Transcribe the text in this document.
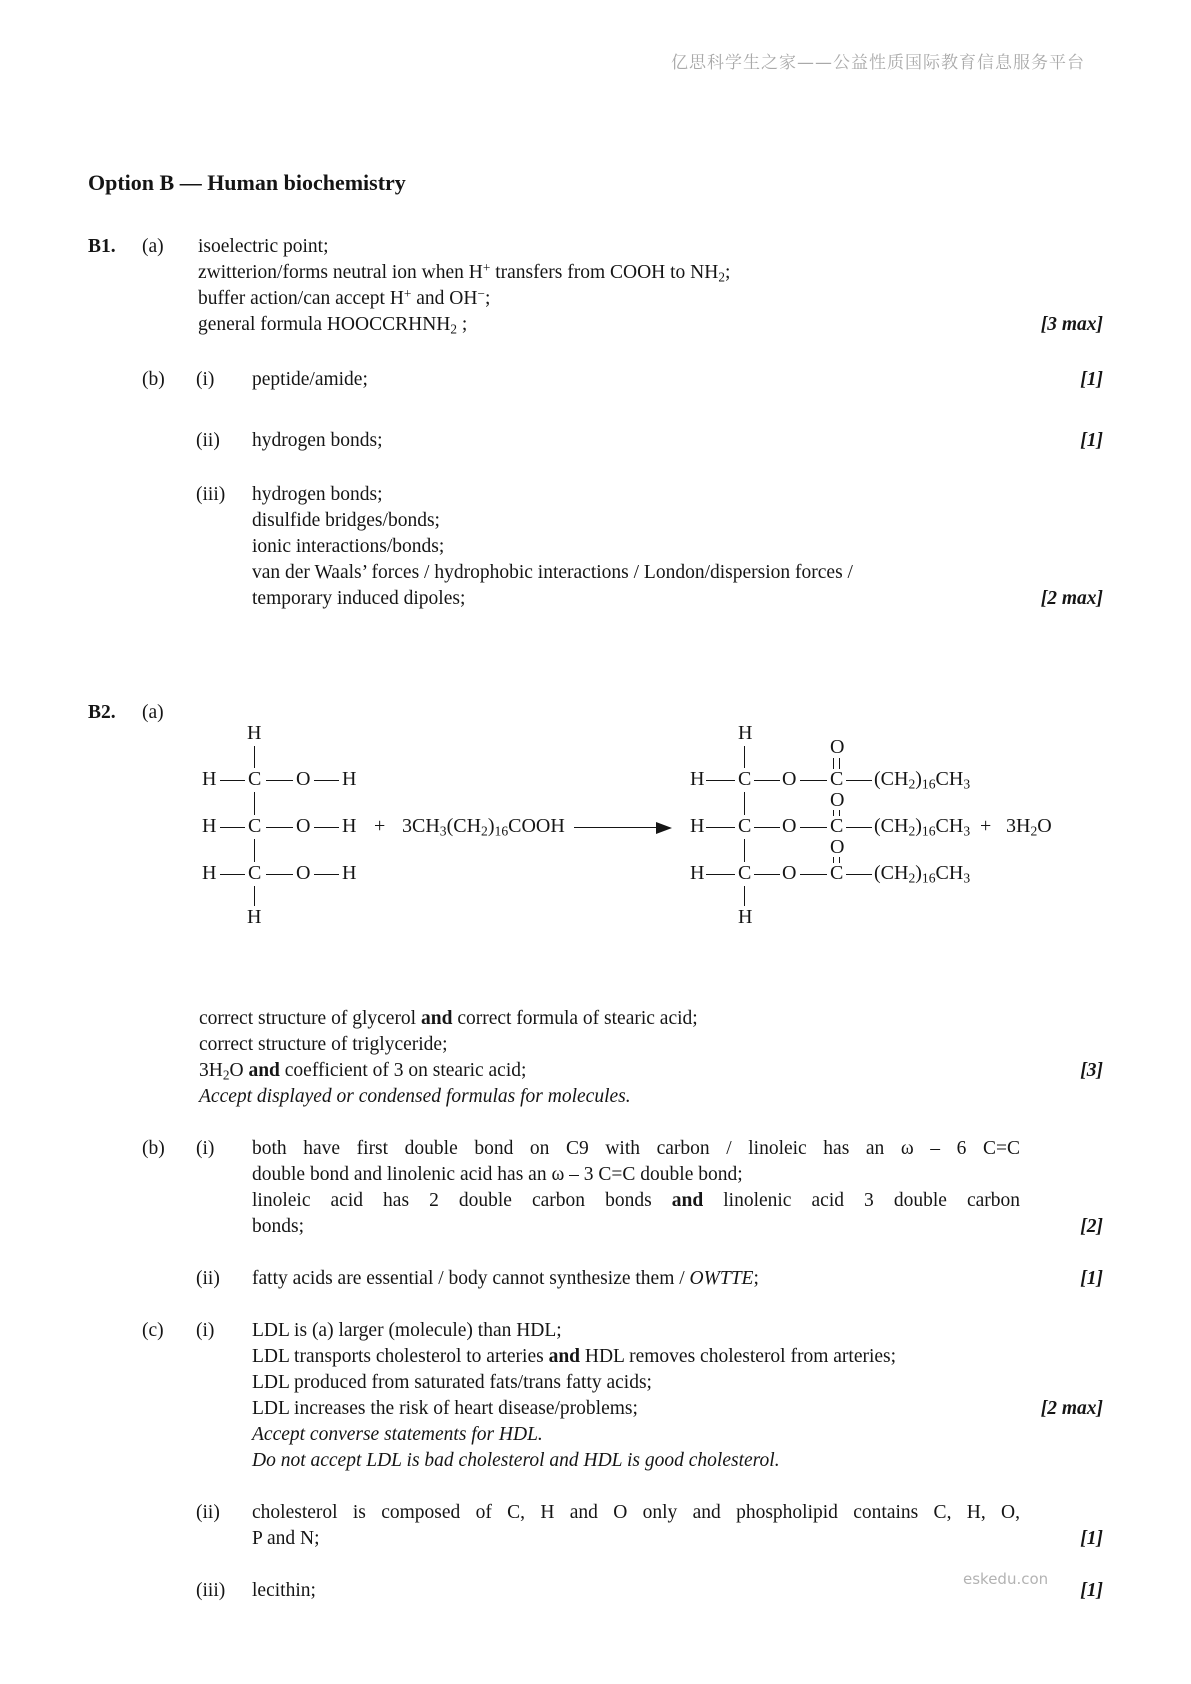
亿思科学生之家——公益性质国际教育信息服务平台
Option B — Human biochemistry
B1. (a) isoelectric point;
zwitterion/forms neutral ion when H+ transfers from COOH to $NH_2$;
buffer action/can accept H+ and OH−;
general formula $HOOCCRHNH_2$ ;	[3 max]
(b) (i) peptide/amide;	[1]
(ii) hydrogen bonds;	[1]
(iii) hydrogen bonds;
disulfide bridges/bonds;
ionic interactions/bonds;
van der Waals’ forces / hydrophobic interactions / London/dispersion forces /
temporary induced dipoles;	[2 max]
B2. (a)
correct structure of glycerol and correct formula of stearic acid;
correct structure of triglyceride;
$3H_2O$ and coefficient of 3 on stearic acid;	[3]
Accept displayed or condensed formulas for molecules.
(b) (i) both have first double bond on C9 with carbon / linoleic has an ω – 6 C=C
double bond and linolenic acid has an ω – 3 C=C double bond;
linoleic acid has 2 double carbon bonds and linolenic acid 3 double carbon
bonds;	[2]
(ii) fatty acids are essential / body cannot synthesize them / OWTTE;	[1]
(c) (i) LDL is (a) larger (molecule) than HDL;
LDL transports cholesterol to arteries and HDL removes cholesterol from arteries;
LDL produced from saturated fats/trans fatty acids;
LDL increases the risk of heart disease/problems;	[2 max]
Accept converse statements for HDL.
Do not accept LDL is bad cholesterol and HDL is good cholesterol.
(ii) cholesterol is composed of C, H and O only and phospholipid contains C, H, O,
P and N;	[1]
(iii) lecithin;	[1]
H
H C O H
H C O H
H C O H
H
+ $3CH_3(CH_2)_{16}COOH$
H
H C O C $(CH_2)_{16}CH_3$
H C O C $(CH_2)_{16}CH_3 + 3H_2O$
H C O C $(CH_2)_{16}CH_3$
H
O
O
O
eskedu.con
